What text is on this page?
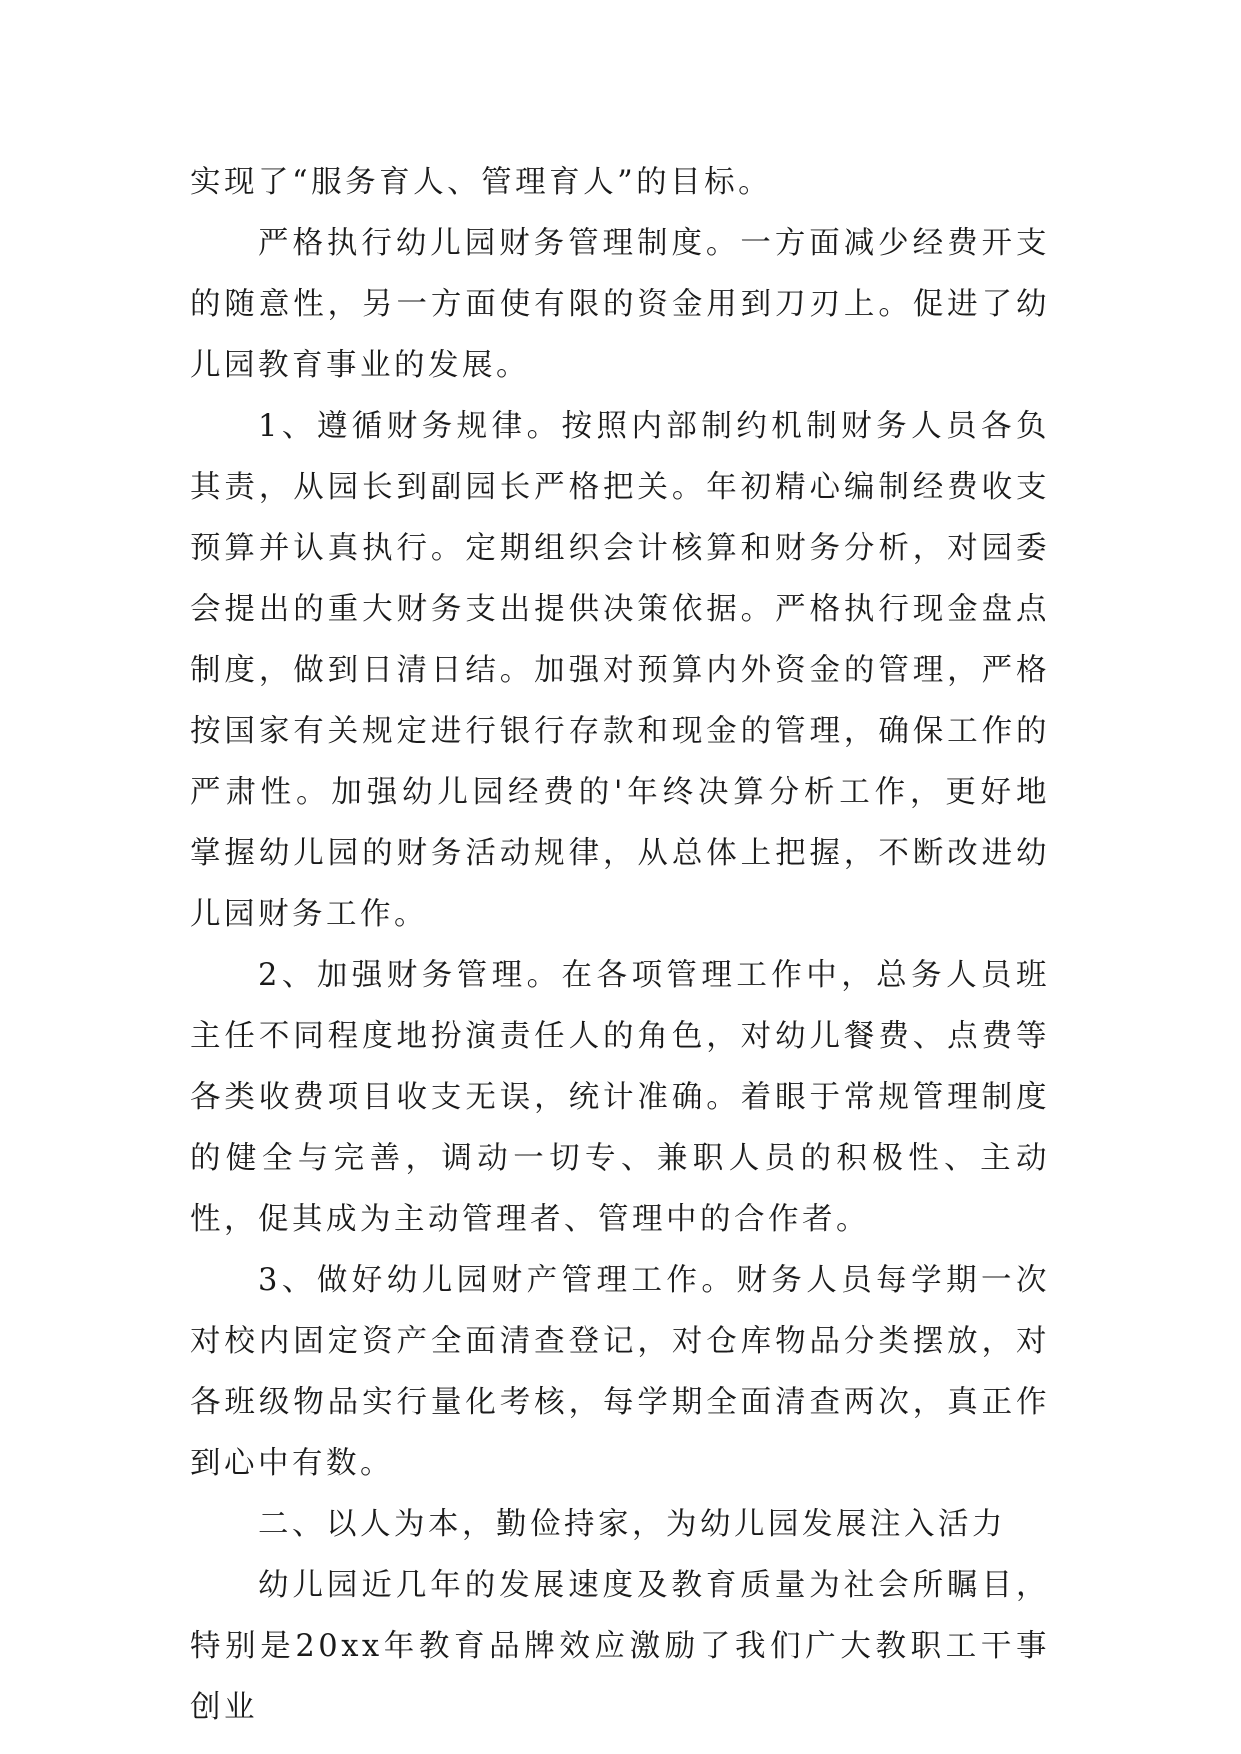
实现了“服务育人、管理育人”的目标。

严格执行幼儿园财务管理制度。一方面减少经费开支的随意性，另一方面使有限的资金用到刀刃上。促进了幼儿园教育事业的发展。

1、遵循财务规律。按照内部制约机制财务人员各负其责，从园长到副园长严格把关。年初精心编制经费收支预算并认真执行。定期组织会计核算和财务分析，对园委会提出的重大财务支出提供决策依据。严格执行现金盘点制度，做到日清日结。加强对预算内外资金的管理，严格按国家有关规定进行银行存款和现金的管理，确保工作的严肃性。加强幼儿园经费的'年终决算分析工作，更好地掌握幼儿园的财务活动规律，从总体上把握，不断改进幼儿园财务工作。

2、加强财务管理。在各项管理工作中，总务人员班主任不同程度地扮演责任人的角色，对幼儿餐费、点费等各类收费项目收支无误，统计准确。着眼于常规管理制度的健全与完善，调动一切专、兼职人员的积极性、主动性，促其成为主动管理者、管理中的合作者。

3、做好幼儿园财产管理工作。财务人员每学期一次对校内固定资产全面清查登记，对仓库物品分类摆放，对各班级物品实行量化考核，每学期全面清查两次，真正作到心中有数。

二、以人为本，勤俭持家，为幼儿园发展注入活力

幼儿园近几年的发展速度及教育质量为社会所瞩目，特别是20xx年教育品牌效应激励了我们广大教职工干事创业
